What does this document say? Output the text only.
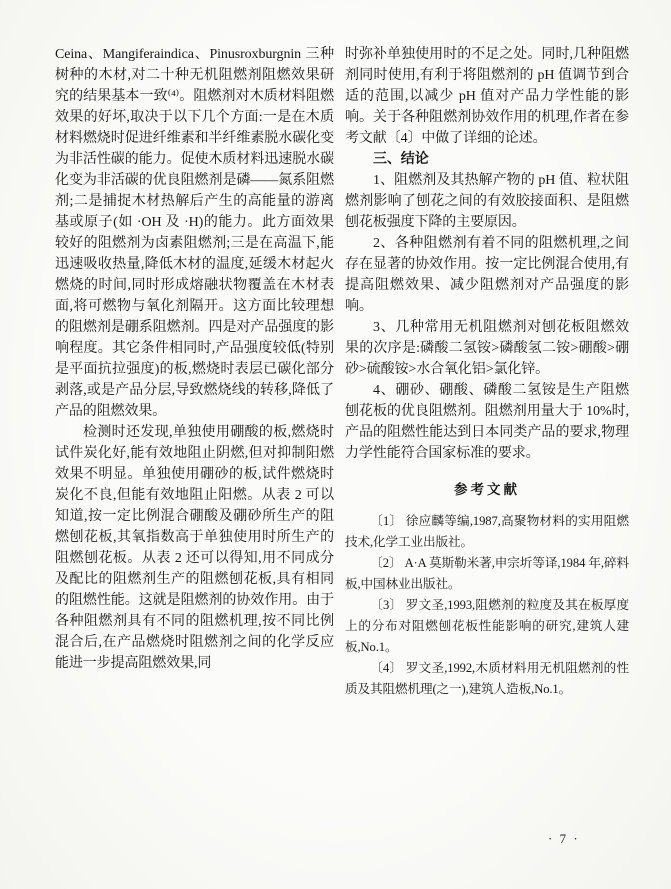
Ceina、Mangiferaindica、Pinusroxburgnin 三种树种的木材,对二十种无机阻燃剂阻燃效果研究的结果基本一致⁽⁴⁾。阻燃剂对木质材料阻燃效果的好坏,取决于以下几个方面:一是在木质材料燃烧时促进纤维素和半纤维素脱水碳化变为非活性碳的能力。促使木质材料迅速脱水碳化变为非活碳的优良阻燃剂是磷——氮系阻燃剂;二是捕捉木材热解后产生的高能量的游离基或原子(如 ·OH 及 ·H)的能力。此方面效果较好的阻燃剂为卤素阻燃剂;三是在高温下,能迅速吸收热量,降低木材的温度,延缓木材起火燃烧的时间,同时形成熔融状物覆盖在木材表面,将可燃物与氧化剂隔开。这方面比较理想的阻燃剂是硼系阻燃剂。四是对产品强度的影响程度。其它条件相同时,产品强度较低(特别是平面抗拉强度)的板,燃烧时表层已碳化部分剥落,或是产品分层,导致燃烧线的转移,降低了产品的阻燃效果。

检测时还发现,单独使用硼酸的板,燃烧时试件炭化好,能有效地阻止阴燃,但对抑制阳燃效果不明显。单独使用硼砂的板,试件燃烧时炭化不良,但能有效地阻止阳燃。从表 2 可以知道,按一定比例混合硼酸及硼砂所生产的阻燃刨花板,其氧指数高于单独使用时所生产的阻燃刨花板。从表 2 还可以得知,用不同成分及配比的阻燃剂生产的阻燃刨花板,具有相同的阻燃性能。这就是阻燃剂的协效作用。由于各种阻燃剂具有不同的阻燃机理,按不同比例混合后,在产品燃烧时阻燃剂之间的化学反应能进一步提高阻燃效果,同

时弥补单独使用时的不足之处。同时,几种阻燃剂同时使用,有利于将阻燃剂的 pH 值调节到合适的范围,以减少 pH 值对产品力学性能的影响。关于各种阻燃剂协效作用的机理,作者在参考文献〔4〕中做了详细的论述。

三、结论

1、阻燃剂及其热解产物的 pH 值、粒状阻燃剂影响了刨花之间的有效胶接面积、是阻燃刨花板强度下降的主要原因。

2、各种阻燃剂有着不同的阻燃机理,之间存在显著的协效作用。按一定比例混合使用,有提高阻燃效果、减少阻燃剂对产品强度的影响。

3、几种常用无机阻燃剂对刨花板阻燃效果的次序是:磷酸二氢铵>磷酸氢二铵>硼酸>硼砂>硫酸铵>水合氧化铝>氯化锌。

4、硼砂、硼酸、磷酸二氢铵是生产阻燃刨花板的优良阻燃剂。阻燃剂用量大于 10%时,产品的阻燃性能达到日本同类产品的要求,物理力学性能符合国家标准的要求。

参考文献

〔1〕 徐应麟等编,1987,高聚物材料的实用阻燃技术,化学工业出版社。

〔2〕 A·A 莫斯勒米著,申宗圻等译,1984 年,碎料板,中国林业出版社。

〔3〕 罗文圣,1993,阻燃剂的粒度及其在板厚度上的分布对阻燃刨花板性能影响的研究,建筑人建板,No.1。

〔4〕 罗文圣,1992,木质材料用无机阻燃剂的性质及其阻燃机理(之一),建筑人造板,No.1。

· 7 ·
